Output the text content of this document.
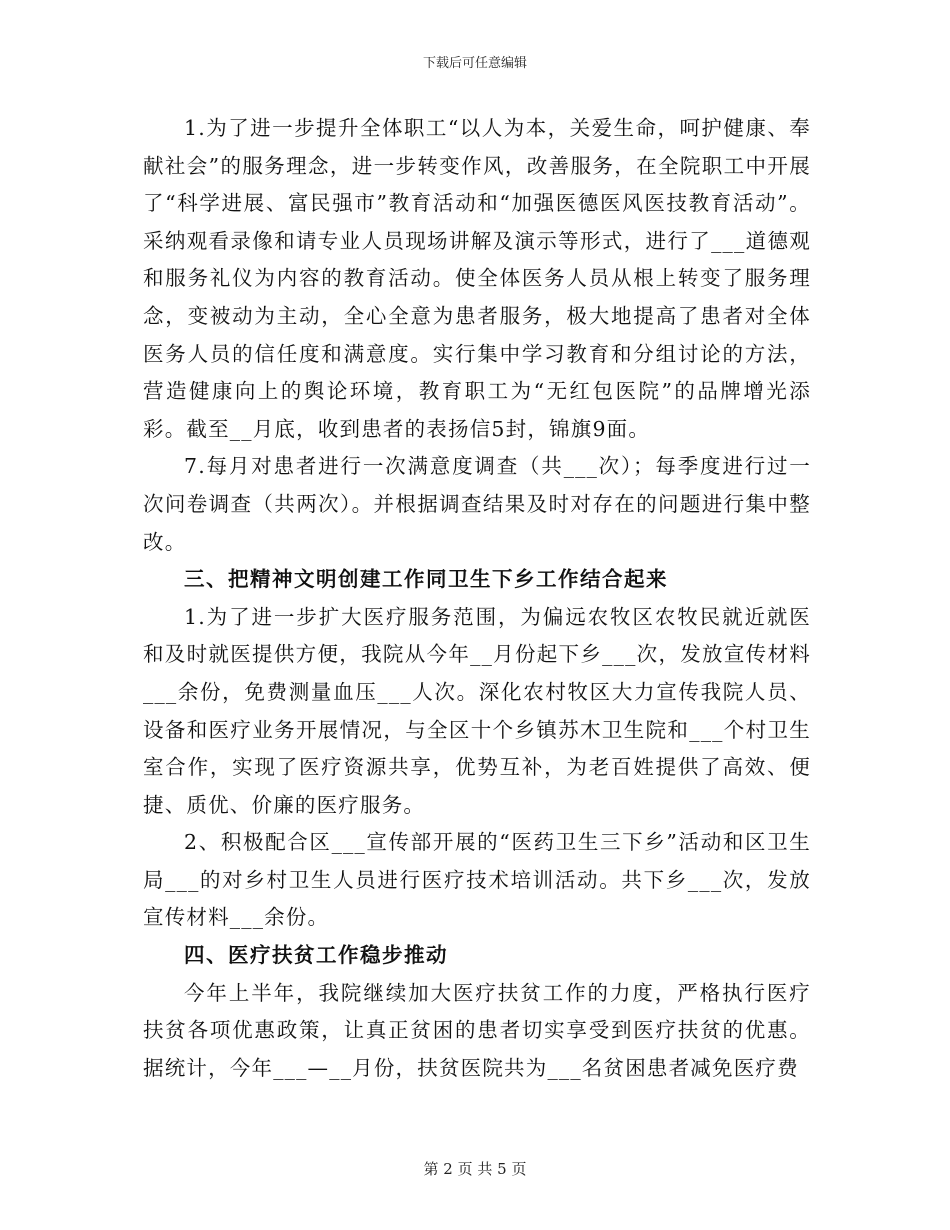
下载后可任意编辑

1.为了进一步提升全体职工“以人为本，关爱生命，呵护健康、奉献社会”的服务理念，进一步转变作风，改善服务，在全院职工中开展了“科学进展、富民强市”教育活动和“加强医德医风医技教育活动”。采纳观看录像和请专业人员现场讲解及演示等形式，进行了___道德观和服务礼仪为内容的教育活动。使全体医务人员从根上转变了服务理念，变被动为主动，全心全意为患者服务，极大地提高了患者对全体医务人员的信任度和满意度。实行集中学习教育和分组讨论的方法，营造健康向上的舆论环境，教育职工为“无红包医院”的品牌增光添彩。截至__月底，收到患者的表扬信5封，锦旗9面。

7.每月对患者进行一次满意度调查（共___次）；每季度进行过一次问卷调查（共两次）。并根据调查结果及时对存在的问题进行集中整改。

三、把精神文明创建工作同卫生下乡工作结合起来

1.为了进一步扩大医疗服务范围，为偏远农牧区农牧民就近就医和及时就医提供方便，我院从今年__月份起下乡___次，发放宣传材料___余份，免费测量血压___人次。深化农村牧区大力宣传我院人员、设备和医疗业务开展情况，与全区十个乡镇苏木卫生院和___个村卫生室合作，实现了医疗资源共享，优势互补，为老百姓提供了高效、便捷、质优、价廉的医疗服务。

2、积极配合区___宣传部开展的“医药卫生三下乡”活动和区卫生局___的对乡村卫生人员进行医疗技术培训活动。共下乡___次，发放宣传材料___余份。

四、医疗扶贫工作稳步推动

今年上半年，我院继续加大医疗扶贫工作的力度，严格执行医疗扶贫各项优惠政策，让真正贫困的患者切实享受到医疗扶贫的优惠。据统计，今年___—__月份，扶贫医院共为___名贫困患者减免医疗费

第 2 页 共 5 页
